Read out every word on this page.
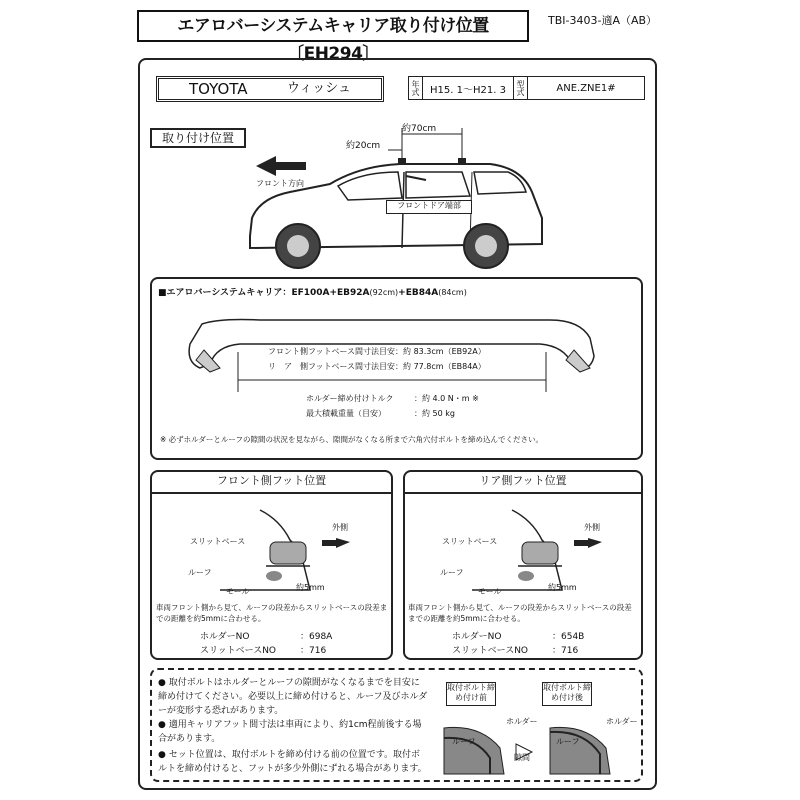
エアロバーシステムキャリア取り付け位置〔EH294〕
TBI-3403-適A（AB）
TOYOTA	ウィッシュ	年式	H15. 1〜H21. 3	型式	ANE.ZNE1#
取り付け位置
フロント方向
約70cm
約20cm
フロントドア端部
■エアロバーシステムキャリア：EF100A+EB92A(92cm)+EB84A(84cm)
フロント側フットベース間寸法目安：約 83.3cm（EB92A）
リ　ア　側フットベース間寸法目安：約 77.8cm（EB84A）
ホルダー締め付けトルク	：約 4.0 N・m ※
最大積載重量（目安）	：約 50 kg
※ 必ずホルダーとルーフの隙間の状況を見ながら、隙間がなくなる所まで六角穴付ボルトを締め込んでください。
フロント側フット位置
外側
スリットベース
ルーフ
モール	約5mm
車両フロント側から見て、ルーフの段差からスリットベースの段差までの距離を約5mmに合わせる。
ホルダーNO	：698A
スリットベースNO	：716
リア側フット位置
外側
スリットベース
ルーフ
モール	約5mm
車両フロント側から見て、ルーフの段差からスリットベースの段差までの距離を約5mmに合わせる。
ホルダーNO	：654B
スリットベースNO	：716
● 取付ボルトはホルダーとルーフの隙間がなくなるまでを目安に締め付けてください。必要以上に締め付けると、ルーフ及びホルダーが変形する恐れがあります。
● 適用キャリアフット間寸法は車両により、約1cm程前後する場合があります。
● セット位置は、取付ボルトを締め付ける前の位置です。取付ボルトを締め付けると、フットが多少外側にずれる場合があります。
取付ボルト締め付け前
取付ボルト締め付け後
ホルダー	ホルダー
ルーフ	ルーフ
隙間
